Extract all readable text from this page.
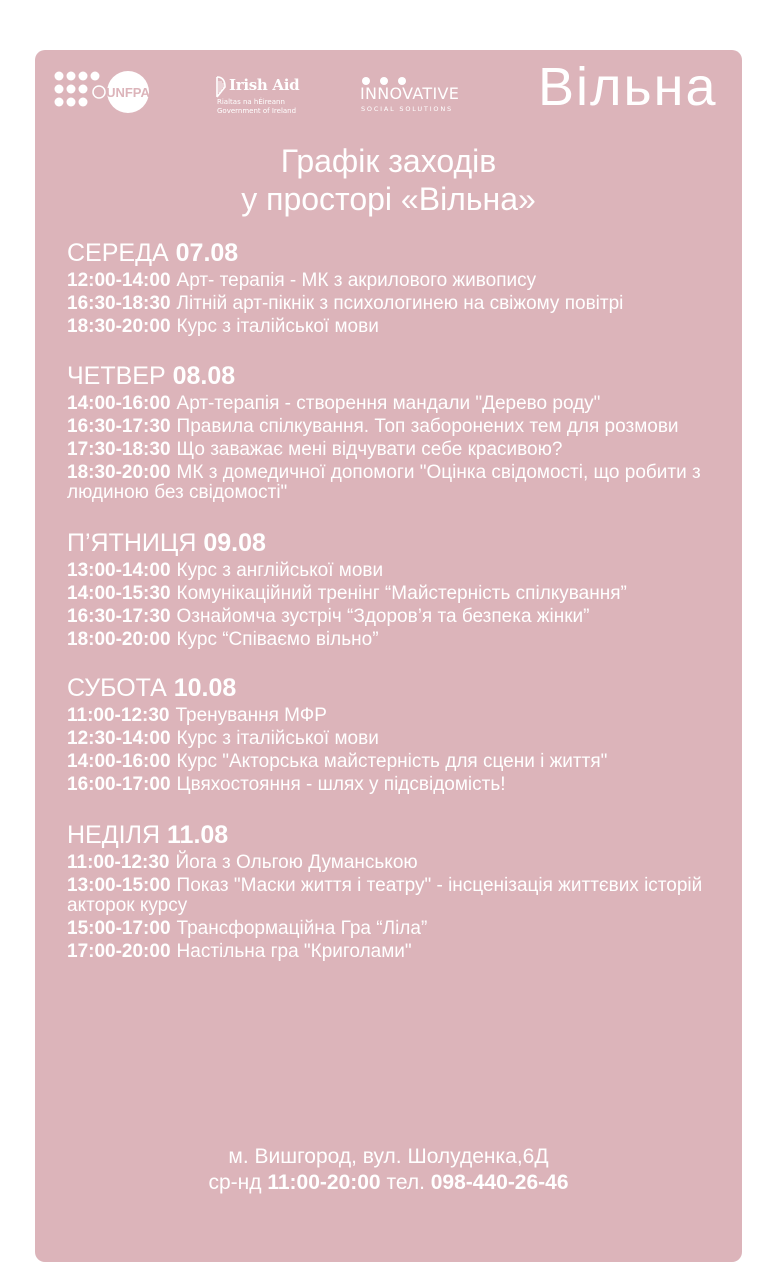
UNFPA	Irish Aid
Rialtas na hÉireann
Government of Ireland
INNOVATIVE
SOCIAL SOLUTIONS Вільна
Графік заходів
у просторі «Вільна»
СЕРЕДА 07.08
12:00-14:00 Арт- терапія - МК з акрилового живопису
16:30-18:30 Літній арт-пікнік з психологинею на свіжому повітрі
18:30-20:00 Курс з італійської мови
ЧЕТВЕР 08.08
14:00-16:00 Арт-терапія - створення мандали "Дерево роду"
16:30-17:30 Правила спілкування. Топ заборонених тем для розмови
17:30-18:30 Що заважає мені відчувати себе красивою?
18:30-20:00 МК з домедичної допомоги "Оцінка свідомості, що робити з людиною без свідомості"
П’ЯТНИЦЯ 09.08
13:00-14:00 Курс з англійської мови
14:00-15:30 Комунікаційний тренінг “Майстерність спілкування”
16:30-17:30 Ознайомча зустріч “Здоров’я та безпека жінки”
18:00-20:00 Курс “Співаємо вільно”
СУБОТА 10.08
11:00-12:30 Тренування МФР
12:30-14:00 Курс з італійської мови
14:00-16:00 Курс "Акторська майстерність для сцени і життя"
16:00-17:00 Цвяхостояння - шлях у підсвідомість!
НЕДІЛЯ 11.08
11:00-12:30 Йога з Ольгою Думанською
13:00-15:00 Показ "Маски життя і театру" - інсценізація життєвих історій акторок курсу
15:00-17:00 Трансформаційна Гра “Ліла”
17:00-20:00 Настільна гра "Криголами"
м. Вишгород, вул. Шолуденка,6Д
ср-нд 11:00-20:00 тел. 098-440-26-46
